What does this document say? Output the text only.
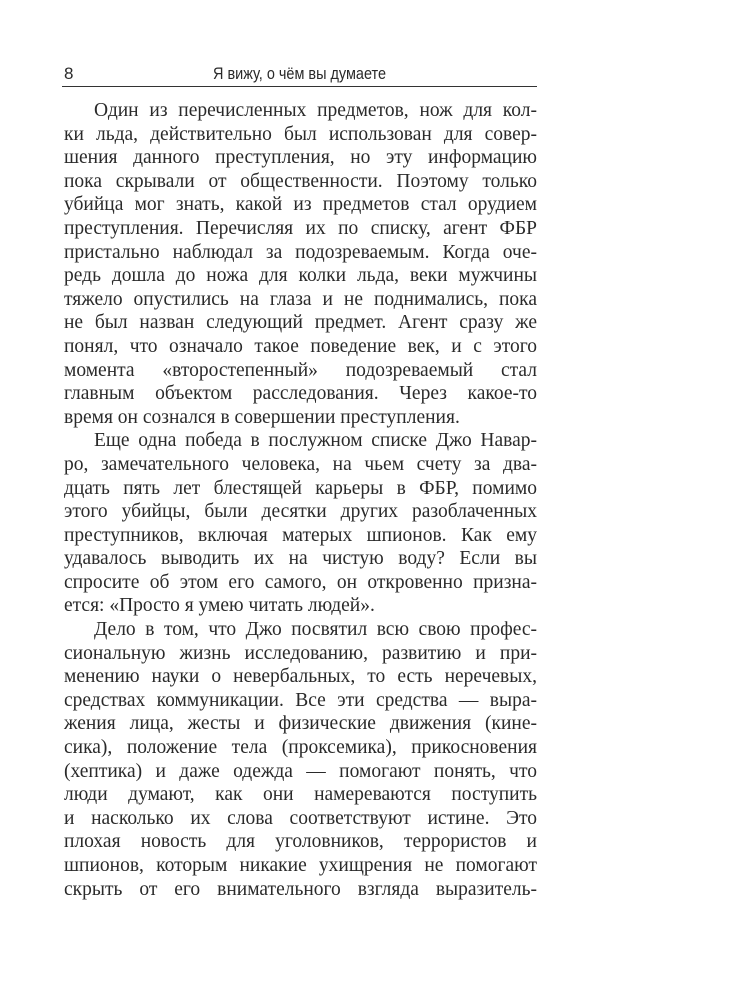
8	Я вижу, о чём вы думаете
Один из перечисленных предметов, нож для кол-
ки льда, действительно был использован для совер-
шения данного преступления, но эту информацию
пока скрывали от общественности. Поэтому только
убийца мог знать, какой из предметов стал орудием
преступления. Перечисляя их по списку, агент ФБР
пристально наблюдал за подозреваемым. Когда оче-
редь дошла до ножа для колки льда, веки мужчины
тяжело опустились на глаза и не поднимались, пока
не был назван следующий предмет. Агент сразу же
понял, что означало такое поведение век, и с этого
момента «второстепенный» подозреваемый стал
главным объектом расследования. Через какое-то
время он сознался в совершении преступления.
Еще одна победа в послужном списке Джо Навар-
ро, замечательного человека, на чьем счету за два-
дцать пять лет блестящей карьеры в ФБР, помимо
этого убийцы, были десятки других разоблаченных
преступников, включая матерых шпионов. Как ему
удавалось выводить их на чистую воду? Если вы
спросите об этом его самого, он откровенно призна-
ется: «Просто я умею читать людей».
Дело в том, что Джо посвятил всю свою профес-
сиональную жизнь исследованию, развитию и при-
менению науки о невербальных, то есть неречевых,
средствах коммуникации. Все эти средства — выра-
жения лица, жесты и физические движения (кине-
сика), положение тела (проксемика), прикосновения
(хептика) и даже одежда — помогают понять, что
люди думают, как они намереваются поступить
и насколько их слова соответствуют истине. Это
плохая новость для уголовников, террористов и
шпионов, которым никакие ухищрения не помогают
скрыть от его внимательного взгляда выразитель-
